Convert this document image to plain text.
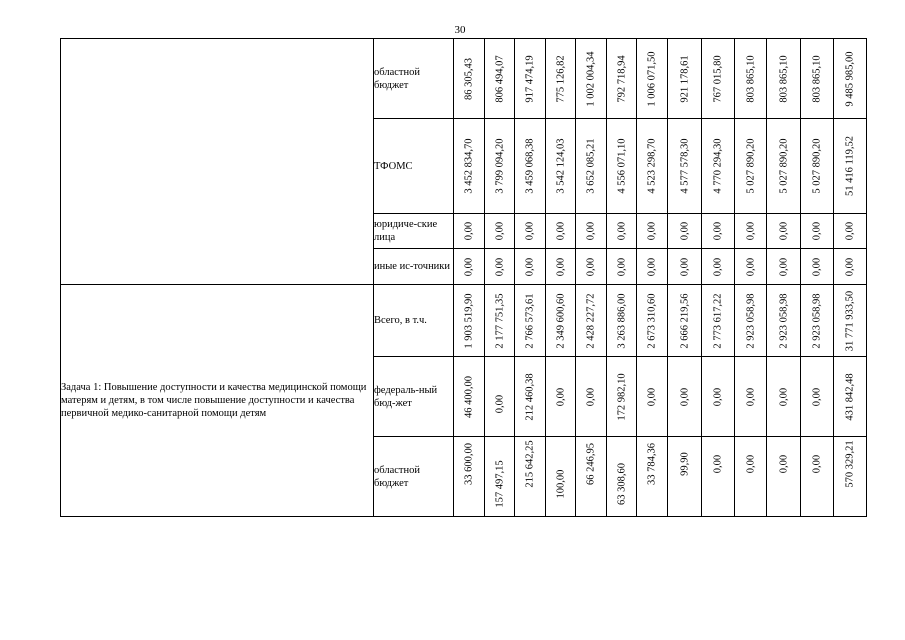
30
	областной бюджет	86 305,43	806 494,07	917 474,19	775 126,82	1 002 004,34	792 718,94	1 006 071,50	921 178,61	767 015,80	803 865,10	803 865,10	803 865,10	9 485 985,00

	ТФОМС	3 452 834,70	3 799 094,20	3 459 068,38	3 542 124,03	3 652 085,21	4 556 071,10	4 523 298,70	4 577 578,30	4 770 294,30	5 027 890,20	5 027 890,20	5 027 890,20	51 416 119,52

	юридиче-ские лица	0,00	0,00	0,00	0,00	0,00	0,00	0,00	0,00	0,00	0,00	0,00	0,00	0,00

	иные ис-точники	0,00	0,00	0,00	0,00	0,00	0,00	0,00	0,00	0,00	0,00	0,00	0,00	0,00

Задача 1: Повышение доступности и качества медицинской помощи матерям и детям, в том числе повышение доступности и качества первичной медико-санитарной помощи детям	Всего, в т.ч.	1 903 519,90	2 177 751,35	2 766 573,61	2 349 600,60	2 428 227,72	3 263 886,00	2 673 310,60	2 666 219,56	2 773 617,22	2 923 058,98	2 923 058,98	2 923 058,98	31 771 933,50

	федераль-ный бюд-жет	46 400,00	0,00	212 460,38	0,00	0,00	172 982,10	0,00	0,00	0,00	0,00	0,00	0,00	431 842,48

	областной бюджет	33 600,00	157 497,15	215 642,25	100,00	66 246,95	63 308,60	33 784,36	99,90	0,00	0,00	0,00	0,00	570 329,21
